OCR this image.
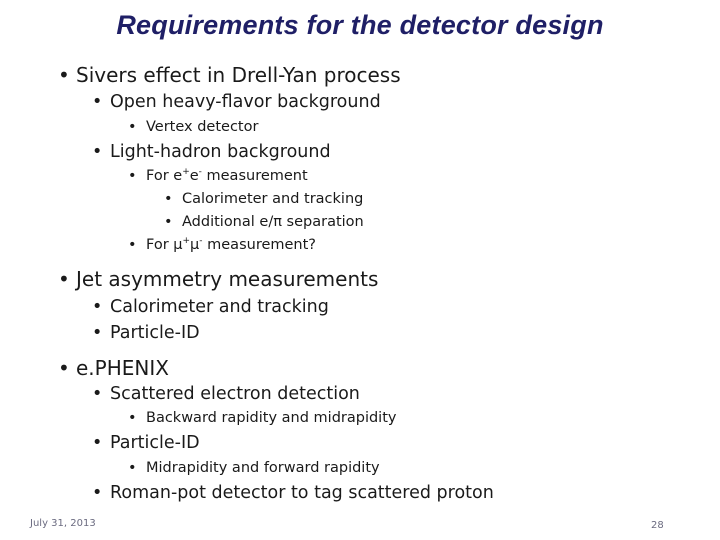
Requirements for the detector design
• Sivers effect in Drell-Yan process
• Open heavy-flavor background
• Vertex detector
• Light-hadron background
• For e+e- measurement
• Calorimeter and tracking
• Additional e/π separation
• For μ+μ- measurement?
• Jet asymmetry measurements
• Calorimeter and tracking
• Particle-ID
• e.PHENIX
• Scattered electron detection
• Backward rapidity and midrapidity
• Particle-ID
• Midrapidity and forward rapidity
• Roman-pot detector to tag scattered proton
July 31, 2013	28
